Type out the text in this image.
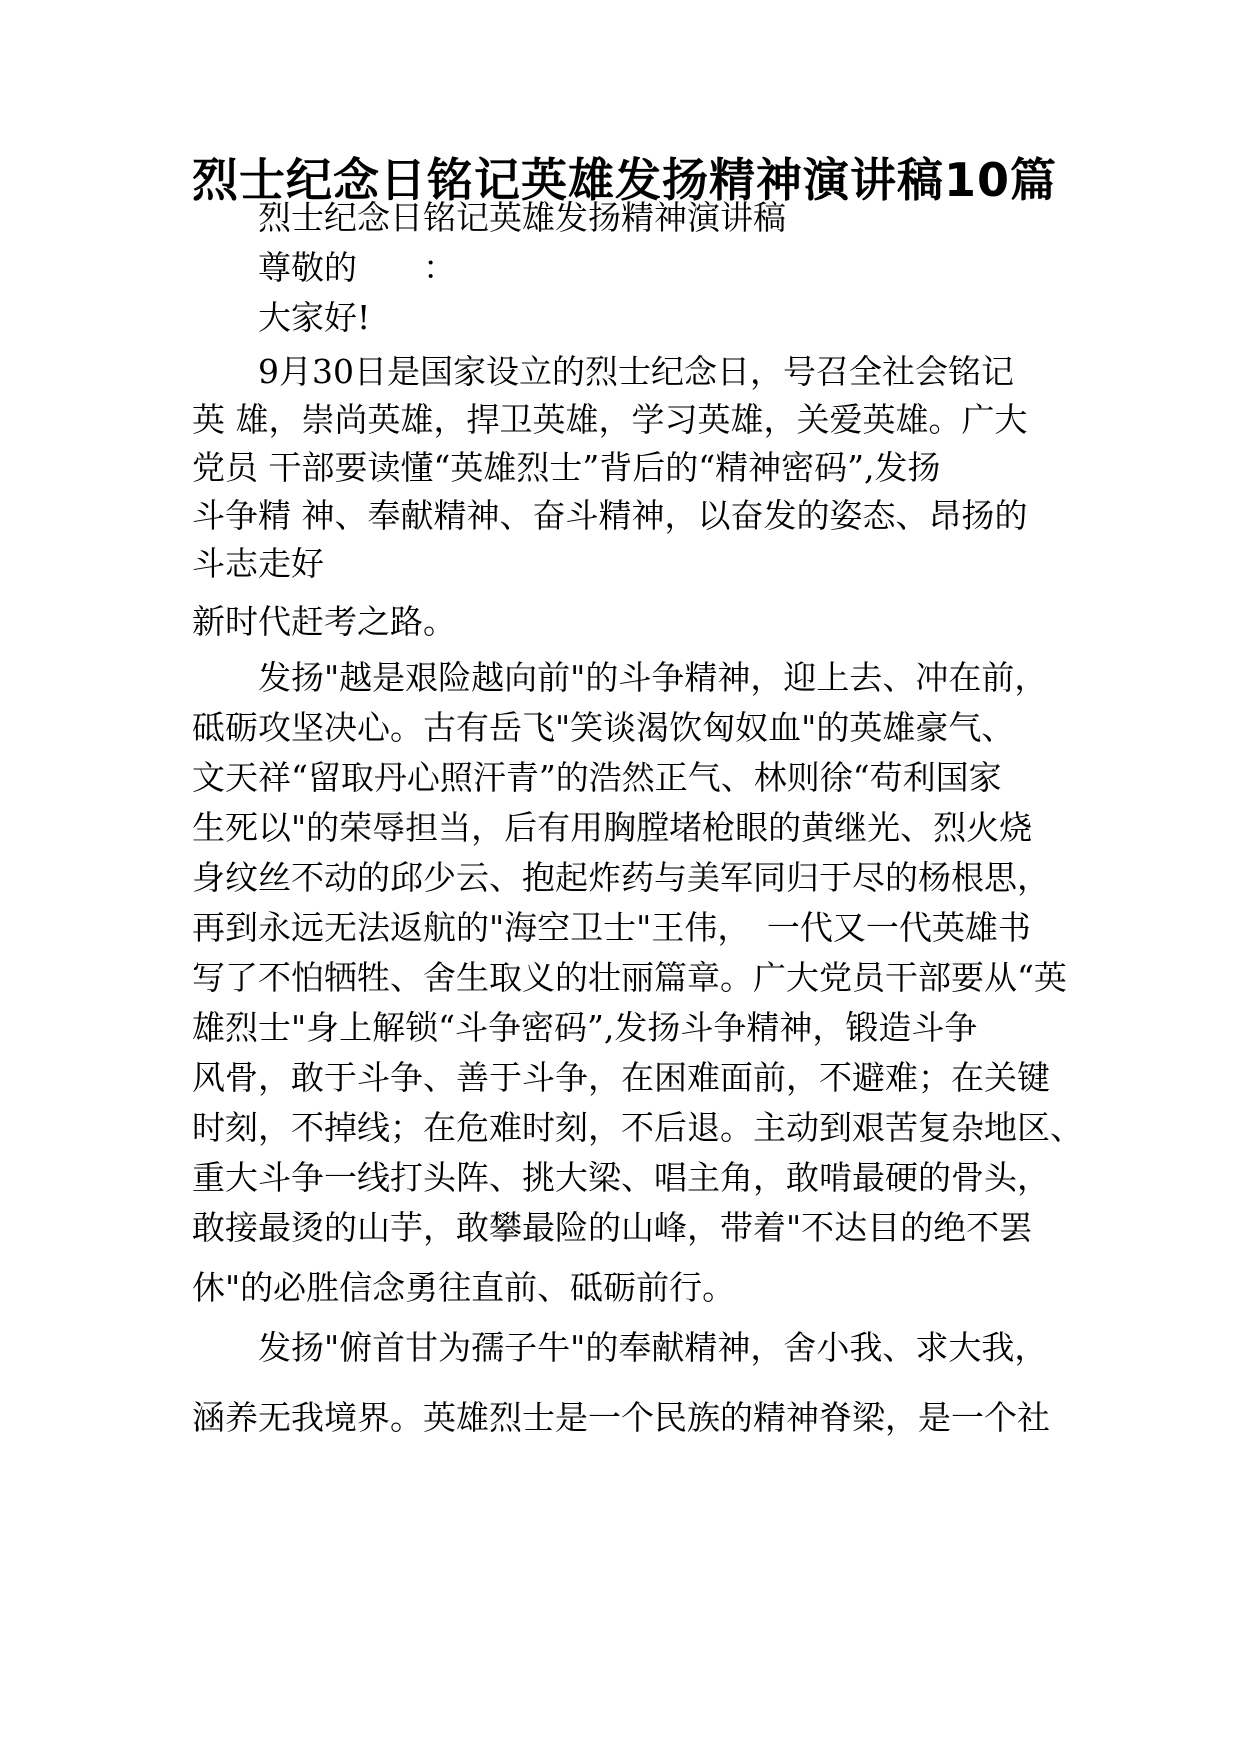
烈士纪念日铭记英雄发扬精神演讲稿10篇
烈士纪念日铭记英雄发扬精神演讲稿
尊敬的　　：
大家好!
9月30日是国家设立的烈士纪念日，号召全社会铭记
英 雄，崇尚英雄，捍卫英雄，学习英雄，关爱英雄。广大
党员 干部要读懂“英雄烈士”背后的“精神密码”,发扬
斗争精 神、奉献精神、奋斗精神，以奋发的姿态、昂扬的
斗志走好
新时代赶考之路。
发扬"越是艰险越向前"的斗争精神，迎上去、冲在前，
砥砺攻坚决心。古有岳飞"笑谈渴饮匈奴血"的英雄豪气、
文天祥“留取丹心照汗青”的浩然正气、林则徐“苟利国家
生死以"的荣辱担当，后有用胸膛堵枪眼的黄继光、烈火烧
身纹丝不动的邱少云、抱起炸药与美军同归于尽的杨根思，
再到永远无法返航的"海空卫士"王伟，　一代又一代英雄书
写了不怕牺牲、舍生取义的壮丽篇章。广大党员干部要从“英
雄烈士"身上解锁“斗争密码”,发扬斗争精神，锻造斗争
风骨，敢于斗争、善于斗争，在困难面前，不避难；在关键
时刻，不掉线；在危难时刻，不后退。主动到艰苦复杂地区、
重大斗争一线打头阵、挑大梁、唱主角，敢啃最硬的骨头，
敢接最烫的山芋，敢攀最险的山峰，带着"不达目的绝不罢
休"的必胜信念勇往直前、砥砺前行。
发扬"俯首甘为孺子牛"的奉献精神，舍小我、求大我，
涵养无我境界。英雄烈士是一个民族的精神脊梁，是一个社
